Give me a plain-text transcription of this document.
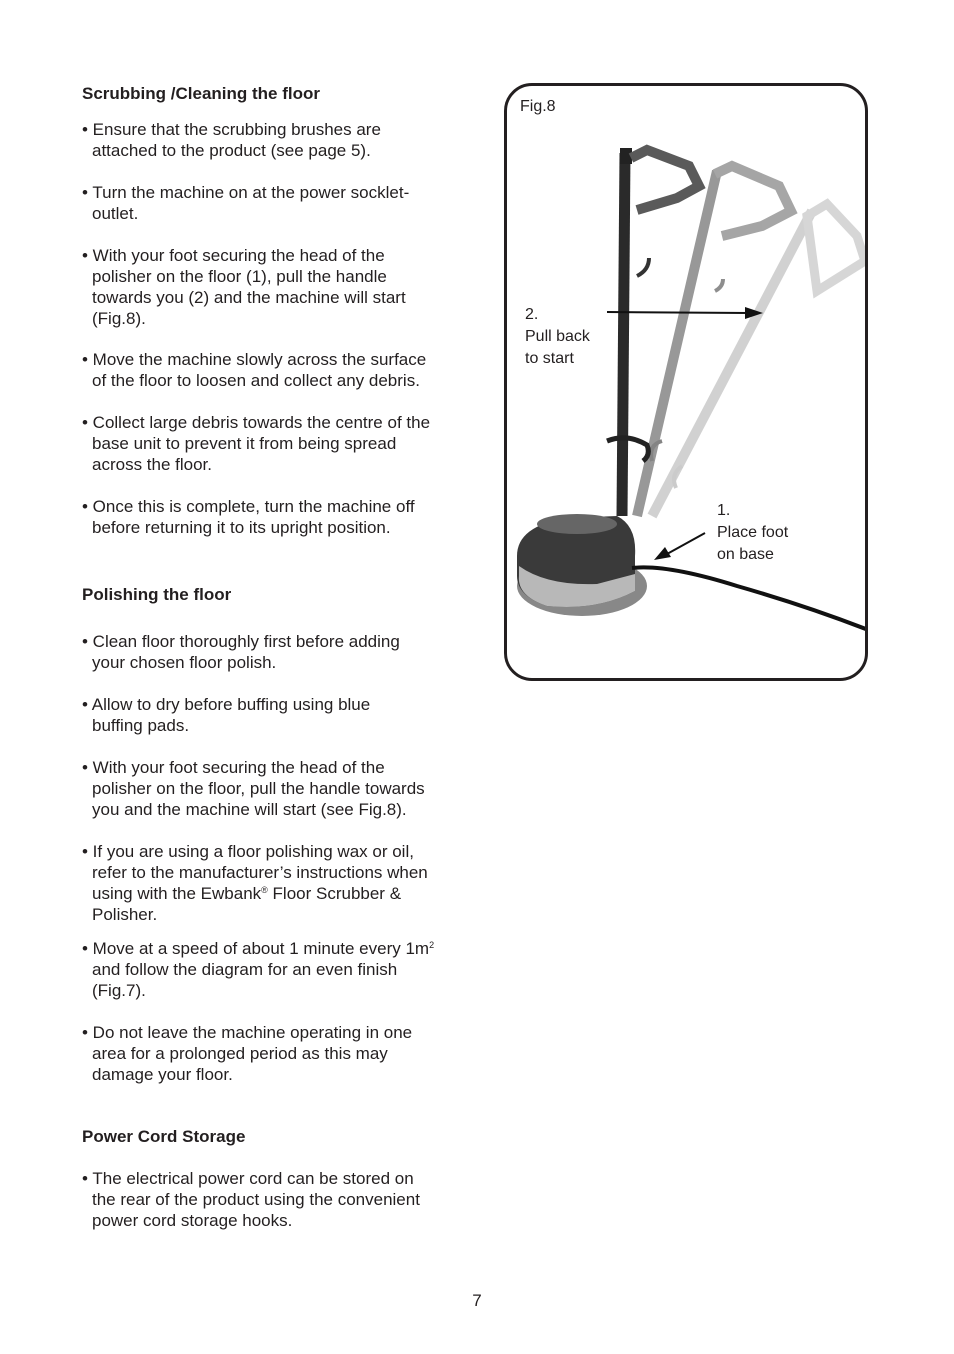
Scrubbing /Cleaning the floor
• Ensure that the scrubbing brushes are
attached to the product (see page 5).
• Turn the machine on at the power socklet-
outlet.
• With your foot securing the head of the
polisher on the floor (1), pull the handle
towards you (2) and the machine will start
(Fig.8).
• Move the machine slowly across the surface
of the floor to loosen and collect any debris.
• Collect large debris towards the centre of the
base unit to prevent it from being spread
across the floor.
• Once this is complete, turn the machine off
before returning it to its upright position.
Polishing the floor
• Clean floor thoroughly first before adding
your chosen floor polish.
• Allow to dry before buffing using blue
buffing pads.
• With your foot securing the head of the
polisher on the floor, pull the handle towards
you and the machine will start (see Fig.8).
• If you are using a floor polishing wax or oil,
refer to the manufacturer’s instructions when
using with the Ewbank® Floor Scrubber &
Polisher.
• Move at a speed of about 1 minute every $1m^2$
and follow the diagram for an even finish
(Fig.7).
• Do not leave the machine operating in one
area for a prolonged period as this may
damage your floor.
Power Cord Storage
• The electrical power cord can be stored on
the rear of the product using the convenient
power cord storage hooks.
Fig.8
2.
Pull back
to start
1.
Place foot
on base
7
